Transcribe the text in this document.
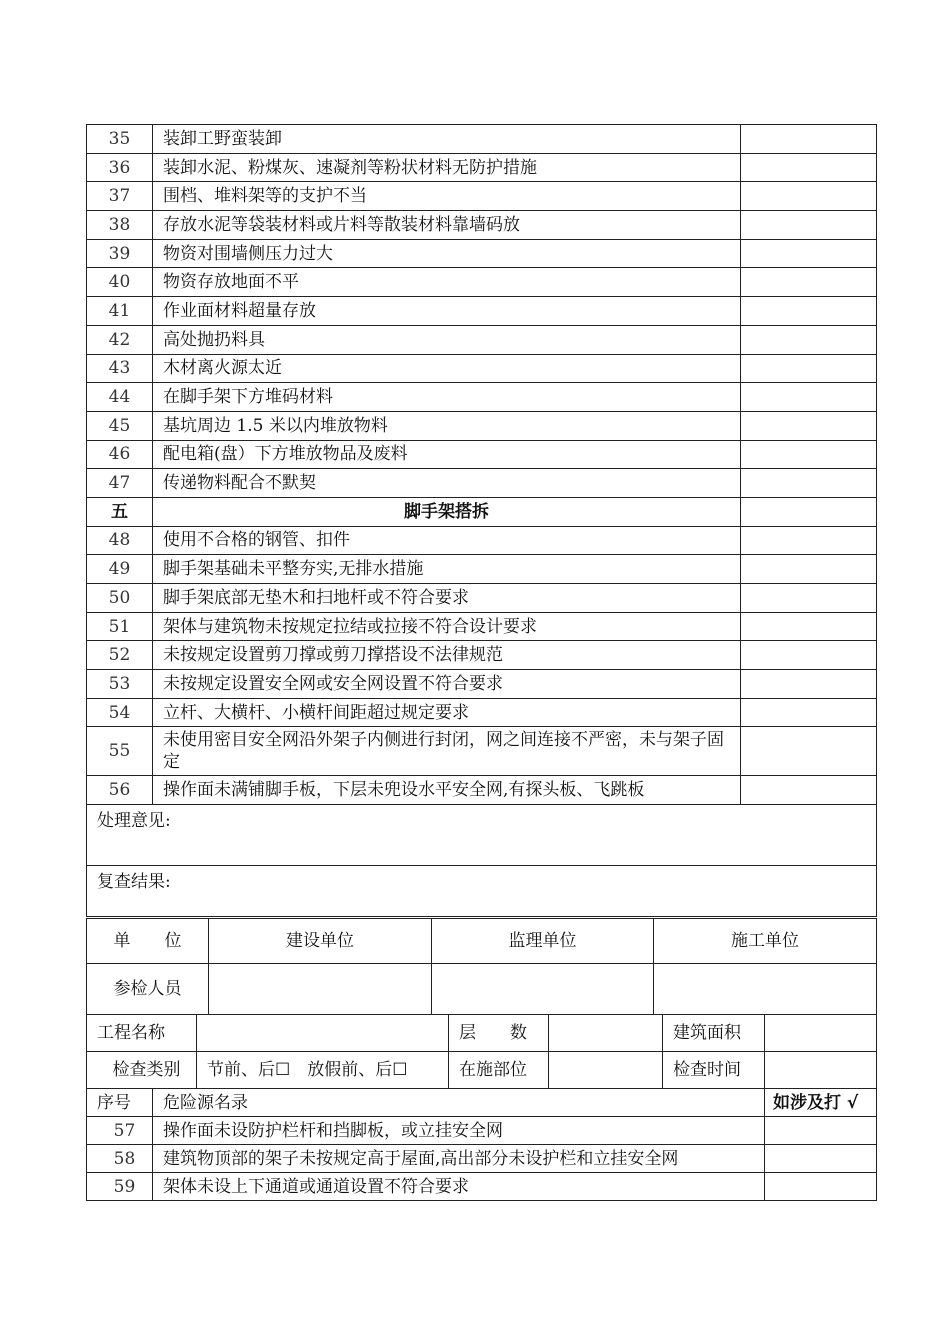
35	装卸工野蛮装卸	
36	装卸水泥、粉煤灰、速凝剂等粉状材料无防护措施	
37	围档、堆料架等的支护不当	
38	存放水泥等袋装材料或片料等散装材料靠墙码放	
39	物资对围墙侧压力过大	
40	物资存放地面不平	
41	作业面材料超量存放	
42	高处抛扔料具	
43	木材离火源太近	
44	在脚手架下方堆码材料	
45	基坑周边 1.5 米以内堆放物料	
46	配电箱(盘）下方堆放物品及废料	
47	传递物料配合不默契	
五	脚手架搭拆	
48	使用不合格的钢管、扣件	
49	脚手架基础未平整夯实,无排水措施	
50	脚手架底部无垫木和扫地杆或不符合要求	
51	架体与建筑物未按规定拉结或拉接不符合设计要求	
52	未按规定设置剪刀撑或剪刀撑搭设不法律规范	
53	未按规定设置安全网或安全网设置不符合要求	
54	立杆、大横杆、小横杆间距超过规定要求	
55	未使用密目安全网沿外架子内侧进行封闭，网之间连接不严密，未与架子固定	
56	操作面未满铺脚手板，下层未兜设水平安全网,有探头板、飞跳板	
处理意见:		
复查结果:		
单　　位	建设单位	监理单位	施工单位
参检人员			
工程名称			层　　数		建筑面积	
检查类别		节前、后☐　放假前、后☐	在施部位		检查时间	
序号	危险源名录					如涉及打 √
57	操作面未设防护栏杆和挡脚板，或立挂安全网					
58	建筑物顶部的架子未按规定高于屋面,高出部分未设护栏和立挂安全网					
59	架体未设上下通道或通道设置不符合要求					
